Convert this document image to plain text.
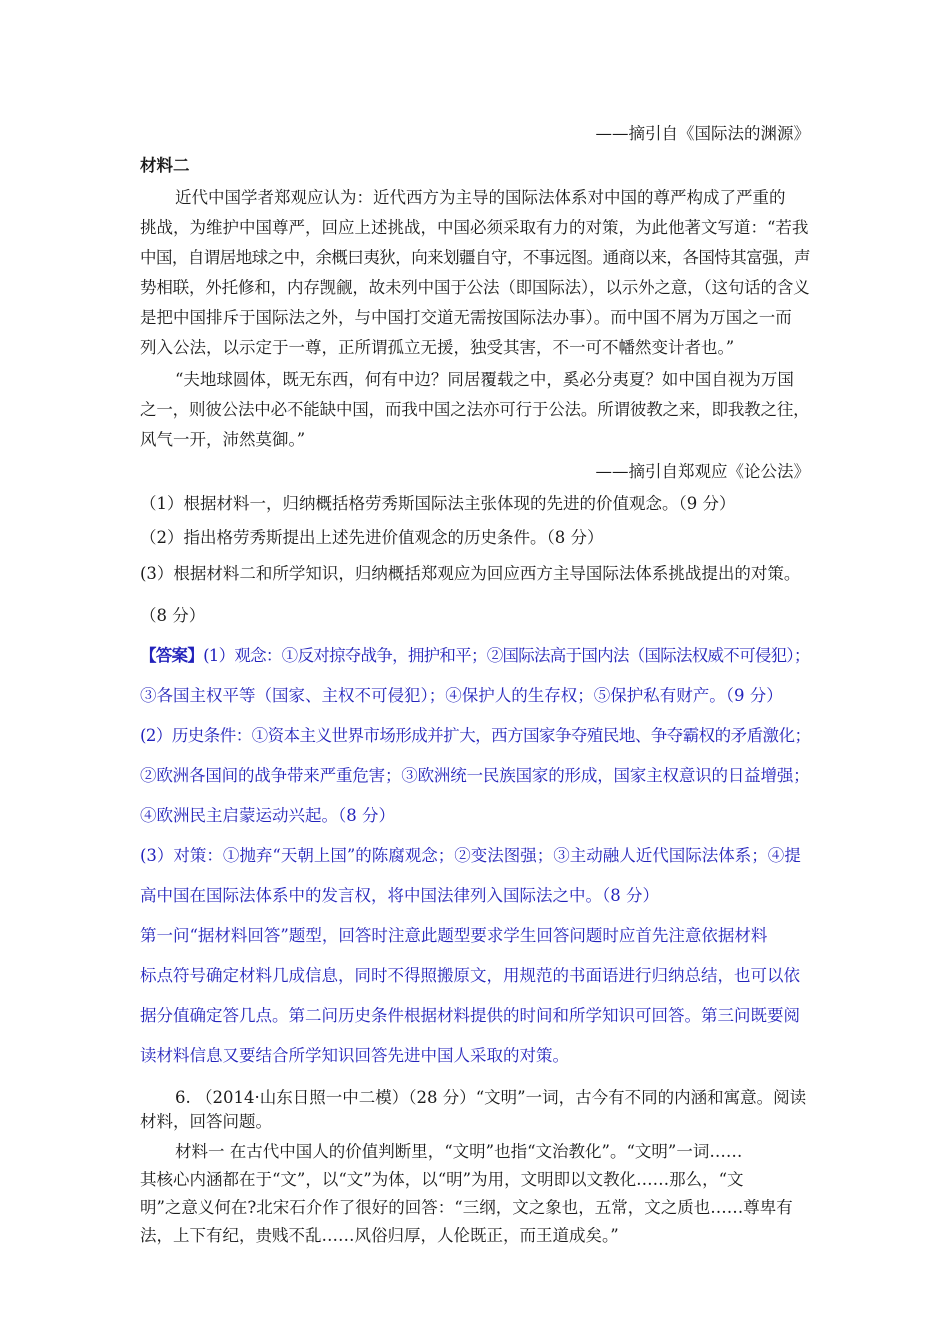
——摘引自《国际法的渊源》
材料二
近代中国学者郑观应认为：近代西方为主导的国际法体系对中国的尊严构成了严重的
挑战，为维护中国尊严，回应上述挑战，中国必须采取有力的对策，为此他著文写道：“若我
中国，自谓居地球之中，余概曰夷狄，向来划疆自守，不事远图。通商以来，各国恃其富强，声
势相联，外托修和，内存觊觎，故未列中国于公法（即国际法），以示外之意，（这句话的含义
是把中国排斥于国际法之外，与中国打交道无需按国际法办事）。而中国不屑为万国之一而
列入公法，以示定于一尊，正所谓孤立无援，独受其害，不一可不幡然变计者也。”
“夫地球圆体，既无东西，何有中边？同居覆载之中，奚必分夷夏？如中国自视为万国
之一，则彼公法中必不能缺中国，而我中国之法亦可行于公法。所谓彼教之来，即我教之往，
风气一开，沛然莫御。”
——摘引自郑观应《论公法》
（1）根据材料一，归纳概括格劳秀斯国际法主张体现的先进的价值观念。（9 分）
（2）指出格劳秀斯提出上述先进价值观念的历史条件。（8 分）
(3）根据材料二和所学知识，归纳概括郑观应为回应西方主导国际法体系挑战提出的对策。
（8 分）
【答案】(1）观念：①反对掠夺战争，拥护和平；②国际法高于国内法（国际法权威不可侵犯）；
③各国主权平等（国家、主权不可侵犯）；④保护人的生存权；⑤保护私有财产。（9 分）
(2）历史条件：①资本主义世界市场形成并扩大，西方国家争夺殖民地、争夺霸权的矛盾激化；
②欧洲各国间的战争带来严重危害；③欧洲统一民族国家的形成，国家主权意识的日益增强；
④欧洲民主启蒙运动兴起。（8 分）
(3）对策：①抛弃“天朝上国”的陈腐观念；②变法图强；③主动融人近代国际法体系；④提
高中国在国际法体系中的发言权，将中国法律列入国际法之中。（8 分）
第一问“据材料回答”题型，回答时注意此题型要求学生回答问题时应首先注意依据材料
标点符号确定材料几成信息，同时不得照搬原文，用规范的书面语进行归纳总结，也可以依
据分值确定答几点。第二问历史条件根据材料提供的时间和所学知识可回答。第三问既要阅
读材料信息又要结合所学知识回答先进中国人采取的对策。
6. （2014·山东日照一中二模）（28 分）“文明”一词，古今有不同的内涵和寓意。阅读
材料，回答问题。
材料一 在古代中国人的价值判断里，“文明”也指“文治教化”。“文明”一词……
其核心内涵都在于“文”，以“文”为体，以“明”为用，文明即以文教化……那么，“文
明”之意义何在?北宋石介作了很好的回答：“三纲，文之象也，五常，文之质也……尊卑有
法，上下有纪，贵贱不乱……风俗归厚，人伦既正，而王道成矣。”
